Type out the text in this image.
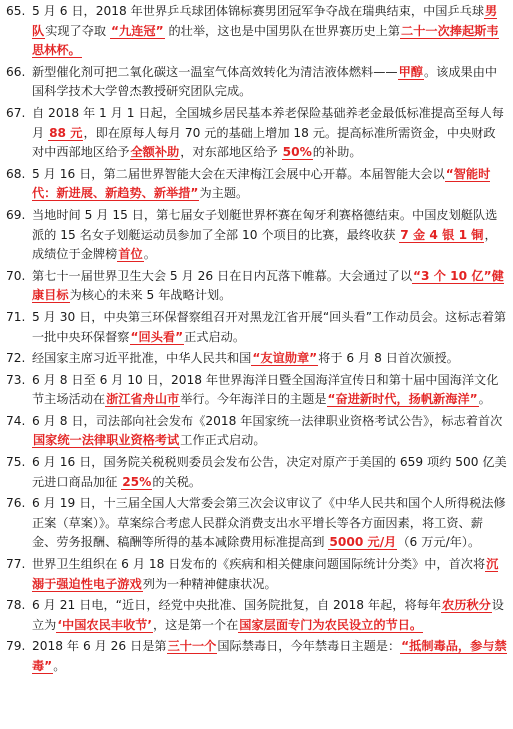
65. 5 月 6 日，2018 年世界乒乓球团体锦标赛男团冠军争夺战在瑞典结束，中国乒乓球男队实现了夺取 “九连冠” 的壮举，这也是中国男队在世界赛历史上第二十一次捧起斯韦思林杯。
66. 新型催化剂可把二氧化碳这一温室气体高效转化为清洁液体燃料——甲醇。该成果由中国科学技术大学曾杰教授研究团队完成。
67. 自 2018 年 1 月 1 日起，全国城乡居民基本养老保险基础养老金最低标准提高至每人每月 88 元，即在原每人每月 70 元的基础上增加 18 元。提高标准所需资金，中央财政对中西部地区给予全额补助，对东部地区给予 50%的补助。
68. 5 月 16 日，第二届世界智能大会在天津梅江会展中心开幕。本届智能大会以“智能时代：新进展、新趋势、新举措”为主题。
69. 当地时间 5 月 15 日，第七届女子划艇世界杯赛在匈牙利赛格德结束。中国皮划艇队选派的 15 名女子划艇运动员参加了全部 10 个项目的比赛，最终收获 7 金 4 银 1 铜，成绩位于金牌榜首位。
70. 第七十一届世界卫生大会 5 月 26 日在日内瓦落下帷幕。大会通过了以“3 个 10 亿”健康目标为核心的未来 5 年战略计划。
71. 5 月 30 日，中央第三环保督察组召开对黑龙江省开展“回头看”工作动员会。这标志着第一批中央环保督察“回头看”正式启动。
72. 经国家主席习近平批准，中华人民共和国“友谊勋章”将于 6 月 8 日首次颁授。
73. 6 月 8 日至 6 月 10 日，2018 年世界海洋日暨全国海洋宣传日和第十届中国海洋文化节主场活动在浙江省舟山市举行。今年海洋日的主题是“奋进新时代，扬帆新海洋”。
74. 6 月 8 日，司法部向社会发布《2018 年国家统一法律职业资格考试公告》，标志着首次国家统一法律职业资格考试工作正式启动。
75. 6 月 16 日，国务院关税税则委员会发布公告，决定对原产于美国的 659 项约 500 亿美元进口商品加征 25%的关税。
76. 6 月 19 日，十三届全国人大常委会第三次会议审议了《中华人民共和国个人所得税法修正案（草案）》。草案综合考虑人民群众消费支出水平增长等各方面因素，将工资、薪金、劳务报酬、稿酬等所得的基本减除费用标准提高到 5000 元/月（6 万元/年）。
77. 世界卫生组织在 6 月 18 日发布的《疾病和相关健康问题国际统计分类》中，首次将沉溺于强迫性电子游戏列为一种精神健康状况。
78. 6 月 21 日电，“近日，经党中央批准、国务院批复，自 2018 年起，将每年农历秋分设立为‘中国农民丰收节’，这是第一个在国家层面专门为农民设立的节日。
79. 2018 年 6 月 26 日是第三十一个国际禁毒日，今年禁毒日主题是：“抵制毒品，参与禁毒”。
